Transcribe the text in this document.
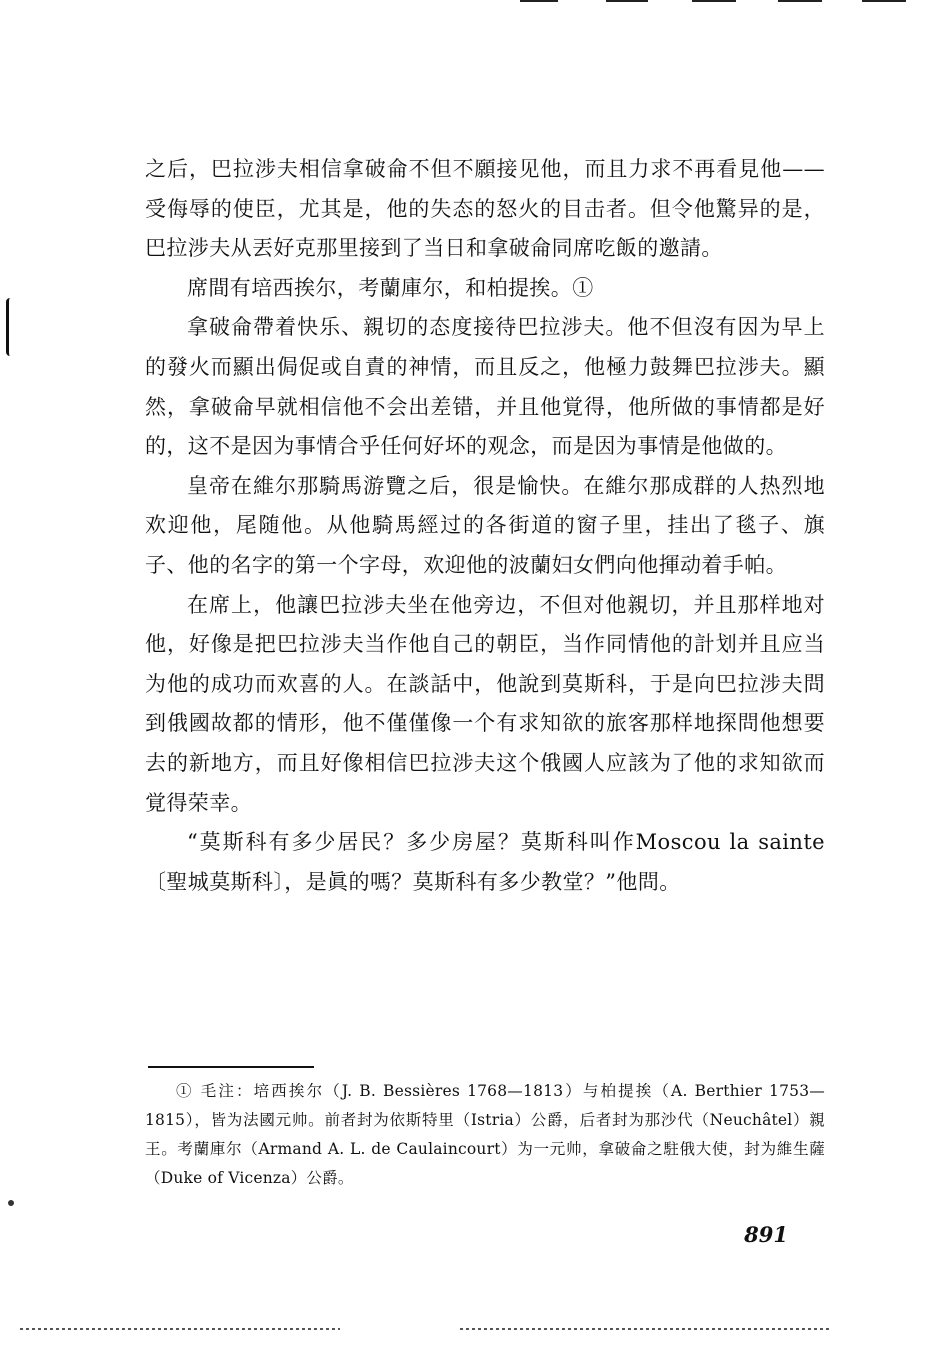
之后，巴拉涉夫相信拿破侖不但不願接见他，而且力求不再看見他——受侮辱的使臣，尤其是，他的失态的怒火的目击者。但令他驚异的是，巴拉涉夫从丟好克那里接到了当日和拿破侖同席吃飯的邀請。

席間有培西挨尔，考蘭庫尔，和柏提挨。①

拿破侖帶着快乐、親切的态度接待巴拉涉夫。他不但沒有因为早上的發火而顯出侷促或自責的神情，而且反之，他極力鼓舞巴拉涉夫。顯然，拿破侖早就相信他不会出差错，并且他覚得，他所做的事情都是好的，这不是因为事情合乎任何好坏的观念，而是因为事情是他做的。

皇帝在維尔那騎馬游覽之后，很是愉快。在維尔那成群的人热烈地欢迎他，尾随他。从他騎馬經过的各街道的窗子里，挂出了毯子、旗子、他的名字的第一个字母，欢迎他的波蘭妇女們向他揮动着手帕。

在席上，他讓巴拉涉夫坐在他旁边，不但对他親切，并且那样地对他，好像是把巴拉涉夫当作他自己的朝臣，当作同情他的計划并且应当为他的成功而欢喜的人。在談話中，他說到莫斯科，于是向巴拉涉夫問到俄國故都的情形，他不僅僅像一个有求知欲的旅客那样地探問他想要去的新地方，而且好像相信巴拉涉夫这个俄國人应該为了他的求知欲而覚得荣幸。

“莫斯科有多少居民？多少房屋？莫斯科叫作Moscou la sainte〔聖城莫斯科〕，是眞的嗎？莫斯科有多少教堂？”他問。

① 毛注：培西挨尔（J. B. Bessières 1768—1813）与柏提挨（A. Berthier 1753—1815），皆为法國元帅。前者封为依斯特里（Istria）公爵，后者封为那沙代（Neuchâtel）親王。考蘭庫尔（Armand A. L. de Caulaincourt）为一元帅，拿破侖之駐俄大使，封为維生薩（Duke of Vicenza）公爵。

891
